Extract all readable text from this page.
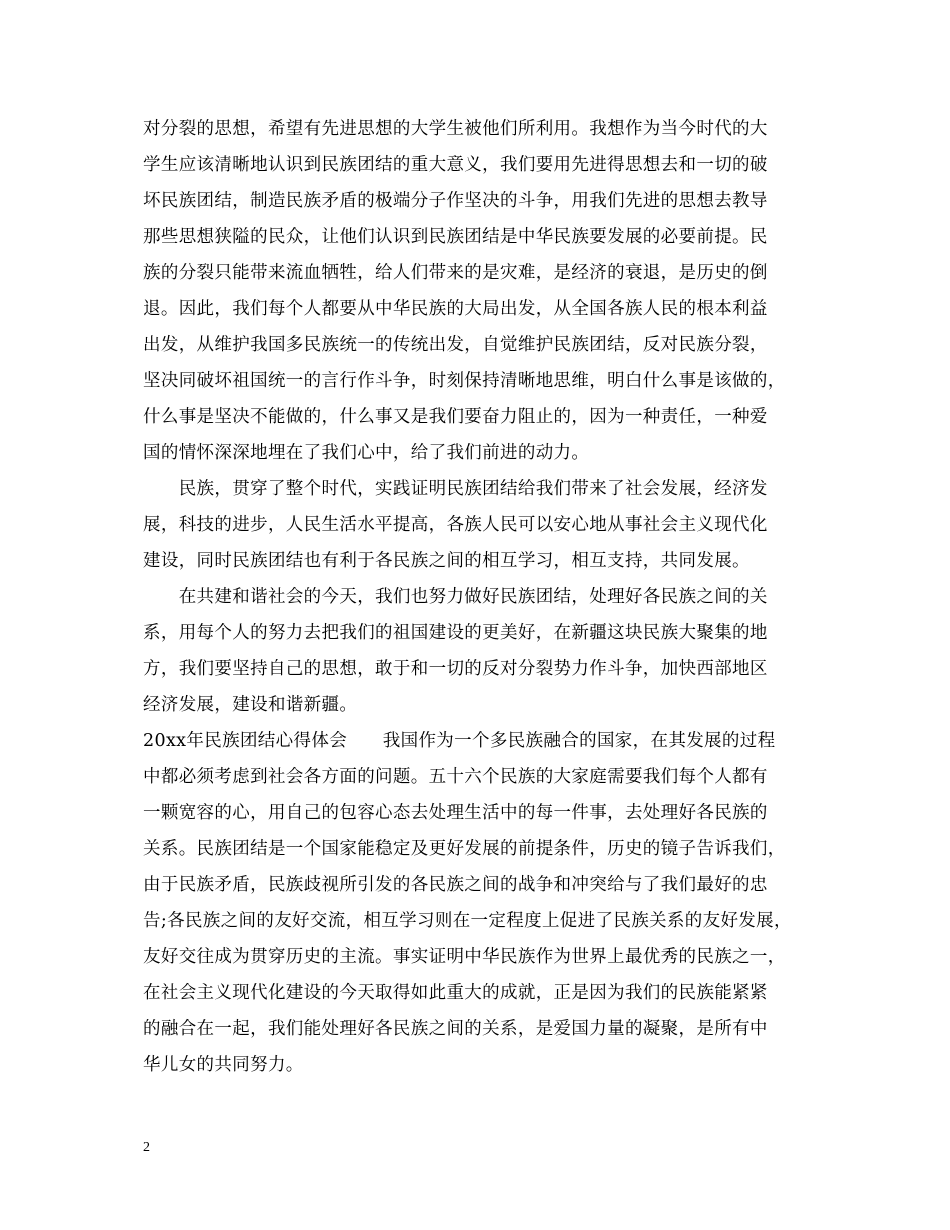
对分裂的思想，希望有先进思想的大学生被他们所利用。我想作为当今时代的大
学生应该清晰地认识到民族团结的重大意义，我们要用先进得思想去和一切的破
坏民族团结，制造民族矛盾的极端分子作坚决的斗争，用我们先进的思想去教导
那些思想狭隘的民众，让他们认识到民族团结是中华民族要发展的必要前提。民
族的分裂只能带来流血牺牲，给人们带来的是灾难，是经济的衰退，是历史的倒
退。因此，我们每个人都要从中华民族的大局出发，从全国各族人民的根本利益
出发，从维护我国多民族统一的传统出发，自觉维护民族团结，反对民族分裂，
坚决同破坏祖国统一的言行作斗争，时刻保持清晰地思维，明白什么事是该做的，
什么事是坚决不能做的，什么事又是我们要奋力阻止的，因为一种责任，一种爱
国的情怀深深地埋在了我们心中，给了我们前进的动力。
　　民族，贯穿了整个时代，实践证明民族团结给我们带来了社会发展，经济发
展，科技的进步，人民生活水平提高，各族人民可以安心地从事社会主义现代化
建设，同时民族团结也有利于各民族之间的相互学习，相互支持，共同发展。
　　在共建和谐社会的今天，我们也努力做好民族团结，处理好各民族之间的关
系，用每个人的努力去把我们的祖国建设的更美好，在新疆这块民族大聚集的地
方，我们要坚持自己的思想，敢于和一切的反对分裂势力作斗争，加快西部地区
经济发展，建设和谐新疆。
20xx年民族团结心得体会　　我国作为一个多民族融合的国家，在其发展的过程
中都必须考虑到社会各方面的问题。五十六个民族的大家庭需要我们每个人都有
一颗宽容的心，用自己的包容心态去处理生活中的每一件事，去处理好各民族的
关系。民族团结是一个国家能稳定及更好发展的前提条件，历史的镜子告诉我们，
由于民族矛盾，民族歧视所引发的各民族之间的战争和冲突给与了我们最好的忠
告;各民族之间的友好交流，相互学习则在一定程度上促进了民族关系的友好发展，
友好交往成为贯穿历史的主流。事实证明中华民族作为世界上最优秀的民族之一，
在社会主义现代化建设的今天取得如此重大的成就，正是因为我们的民族能紧紧
的融合在一起，我们能处理好各民族之间的关系，是爱国力量的凝聚，是所有中
华儿女的共同努力。
2
